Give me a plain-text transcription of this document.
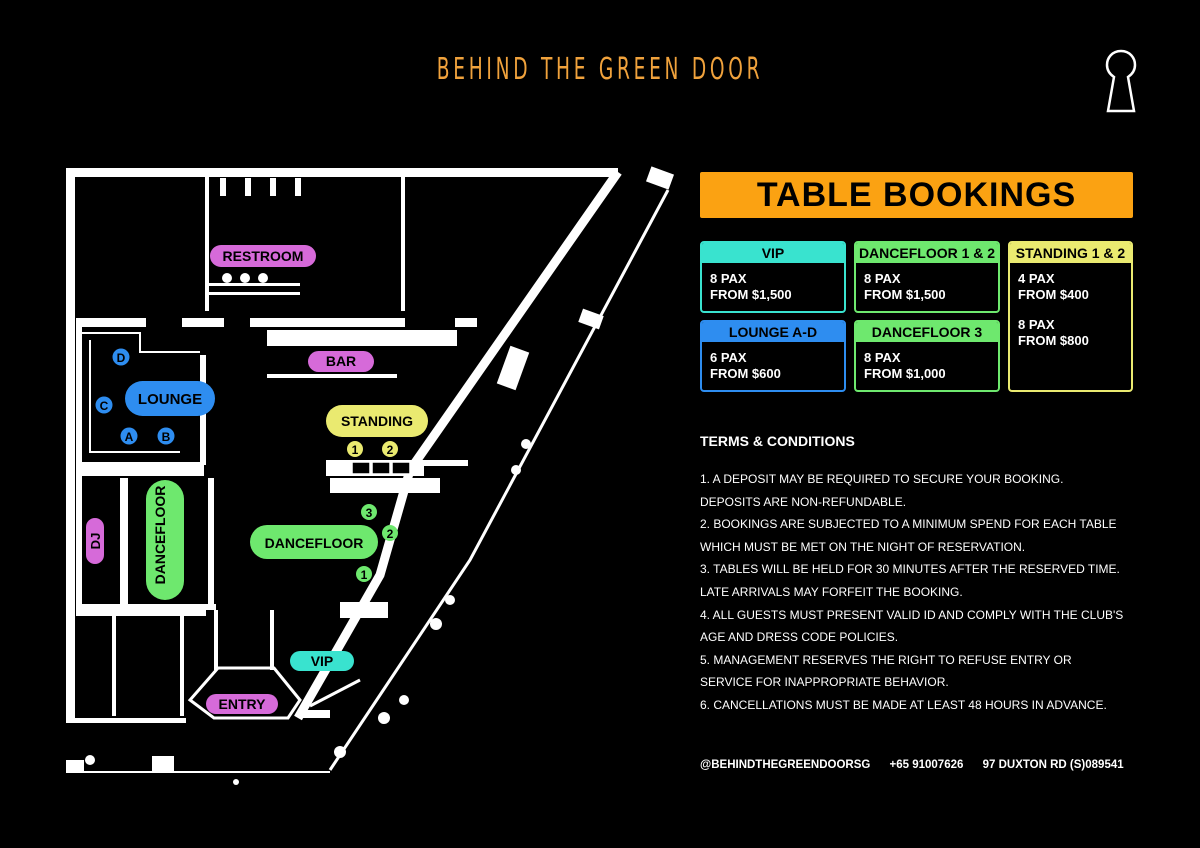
BEHIND THE GREEN DOOR
RESTROOM
BAR
LOUNGE
STANDING
DANCEFLOOR
DANCEFLOOR
DJ
VIP
ENTRY
A B
C
D
1 2
1
2
3
TABLE BOOKINGS
VIP
8 PAX
FROM $1,500
DANCEFLOOR 1 & 2
8 PAX
FROM $1,500
STANDING 1 & 2
4 PAX
FROM $400
8 PAX
FROM $800
LOUNGE A-D
6 PAX
FROM $600
DANCEFLOOR 3
8 PAX
FROM $1,000
TERMS & CONDITIONS
1. A DEPOSIT MAY BE REQUIRED TO SECURE YOUR BOOKING.
DEPOSITS ARE NON-REFUNDABLE.
2. BOOKINGS ARE SUBJECTED TO A MINIMUM SPEND FOR EACH TABLE
WHICH MUST BE MET ON THE NIGHT OF RESERVATION.
3. TABLES WILL BE HELD FOR 30 MINUTES AFTER THE RESERVED TIME.
LATE ARRIVALS MAY FORFEIT THE BOOKING.
4. ALL GUESTS MUST PRESENT VALID ID AND COMPLY WITH THE CLUB'S
AGE AND DRESS CODE POLICIES.
5. MANAGEMENT RESERVES THE RIGHT TO REFUSE ENTRY OR
SERVICE FOR INAPPROPRIATE BEHAVIOR.
6. CANCELLATIONS MUST BE MADE AT LEAST 48 HOURS IN ADVANCE.
@BEHINDTHEGREENDOORSG +65 91007626 97 DUXTON RD (S)089541
